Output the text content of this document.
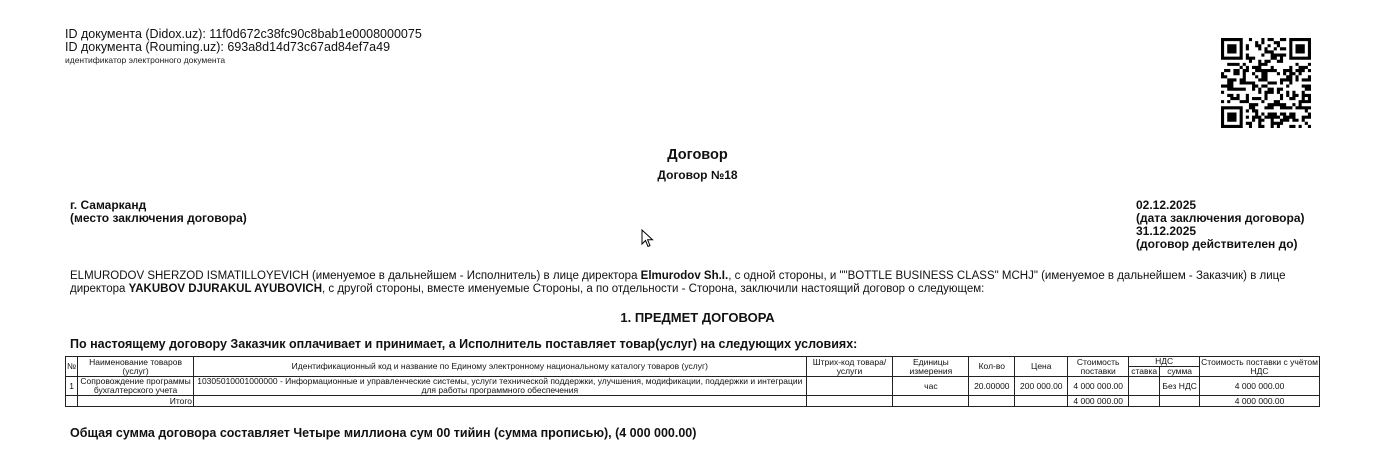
ID документа (Didox.uz): 11f0d672c38fc90c8bab1e0008000075
ID документа (Rouming.uz): 693a8d14d73c67ad84ef7a49
идентификатор электронного документа
Договор
Договор №18
г. Самарканд
(место заключения договора)
02.12.2025
(дата заключения договора)
31.12.2025
(договор действителен до)
ELMURODOV SHERZOD ISMATILLOYEVICH (именуемое в дальнейшем - Исполнитель) в лице директора Elmurodov Sh.I., с одной стороны, и ""BOTTLE BUSINESS CLASS" MCHJ" (именуемое в дальнейшем - Заказчик) в лице директора YAKUBOV DJURAKUL AYUBOVICH, с другой стороны, вместе именуемые Стороны, а по отдельности - Сторона, заключили настоящий договор о следующем:
1. ПРЕДМЕТ ДОГОВОРА
По настоящему договору Заказчик оплачивает и принимает, а Исполнитель поставляет товар(услуг) на следующих условиях:
№	Наименование товаров (услуг)	Идентификационный код и название по Единому электронному национальному каталогу товаров (услуг)	Штрих-код товара/ услуги	Единицы измерения	Кол-во	Цена	Стоимость поставки	НДС		Стоимость поставки с учётом НДС
								ставка	сумма	
1	Сопровождение программы бухгалтерского учета	10305010001000000 - Информационные и управленческие системы, услуги технической поддержки, улучшения, модификации, поддержки и интеграции для работы программного обеспечения		час	20.00000	200 000.00	4 000 000.00		Без НДС	4 000 000.00
	Итого						4 000 000.00			4 000 000.00
Общая сумма договора составляет Четыре миллиона сум 00 тийин (сумма прописью), (4 000 000.00)
